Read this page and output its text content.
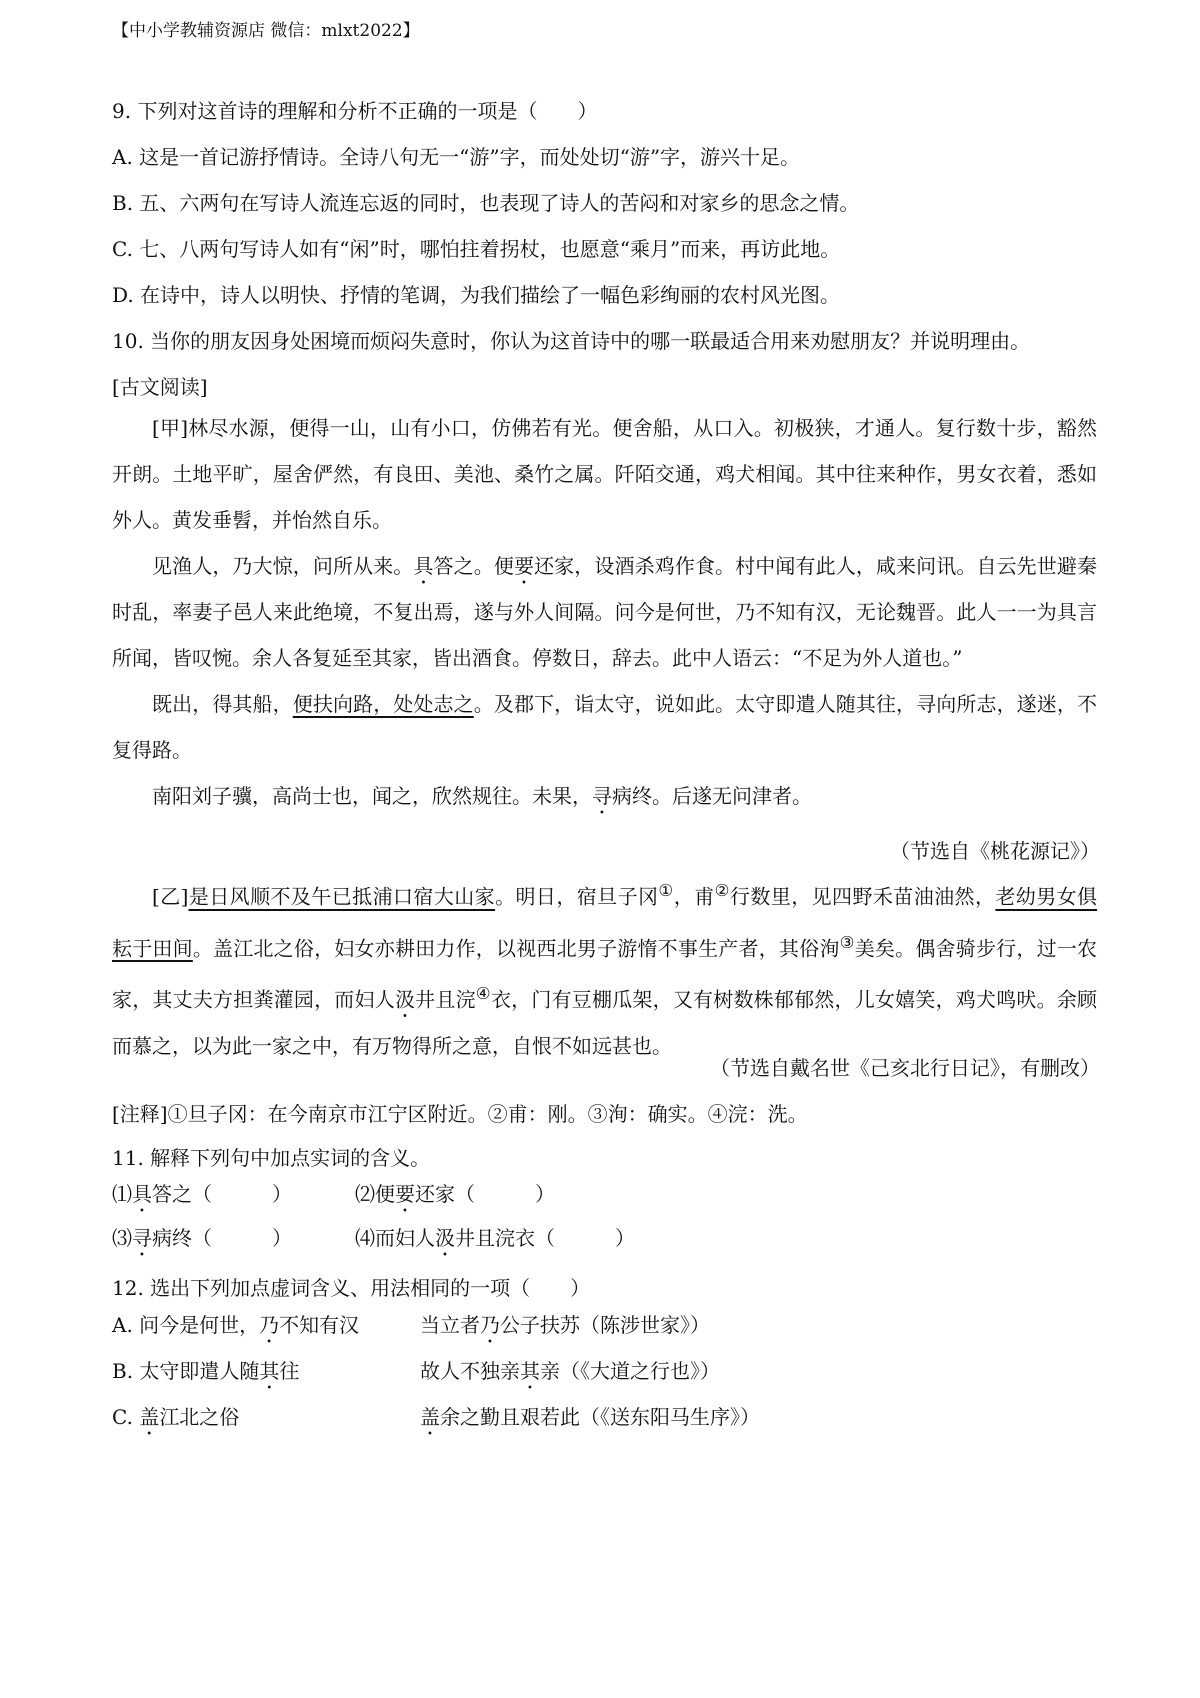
【中小学教辅资源店 微信：mlxt2022】
9. 下列对这首诗的理解和分析不正确的一项是（　　）
A. 这是一首记游抒情诗。全诗八句无一“游”字，而处处切“游”字，游兴十足。
B. 五、六两句在写诗人流连忘返的同时，也表现了诗人的苦闷和对家乡的思念之情。
C. 七、八两句写诗人如有“闲”时，哪怕拄着拐杖，也愿意“乘月”而来，再访此地。
D. 在诗中，诗人以明快、抒情的笔调，为我们描绘了一幅色彩绚丽的农村风光图。
10. 当你的朋友因身处困境而烦闷失意时，你认为这首诗中的哪一联最适合用来劝慰朋友？并说明理由。
[古文阅读]

[甲]林尽水源，便得一山，山有小口，仿佛若有光。便舍船，从口入。初极狭，才通人。复行数十步，豁然开朗。土地平旷，屋舍俨然，有良田、美池、桑竹之属。阡陌交通，鸡犬相闻。其中往来种作，男女衣着，悉如外人。黄发垂髫，并怡然自乐。

见渔人，乃大惊，问所从来。具答之。便要还家，设酒杀鸡作食。村中闻有此人，咸来问讯。自云先世避秦时乱，率妻子邑人来此绝境，不复出焉，遂与外人间隔。问今是何世，乃不知有汉，无论魏晋。此人一一为具言所闻，皆叹惋。余人各复延至其家，皆出酒食。停数日，辞去。此中人语云：“不足为外人道也。”

既出，得其船，便扶向路，处处志之。及郡下，诣太守，说如此。太守即遣人随其往，寻向所志，遂迷，不复得路。

南阳刘子骥，高尚士也，闻之，欣然规往。未果，寻病终。后遂无问津者。

（节选自《桃花源记》）

[乙]是日风顺不及午已抵浦口宿大山家。明日，宿旦子冈①，甫②行数里，见四野禾苗油油然，老幼男女俱耘于田间。盖江北之俗，妇女亦耕田力作，以视西北男子游惰不事生产者，其俗洵③美矣。偶舍骑步行，过一农家，其丈夫方担粪灌园，而妇人汲井且浣④衣，门有豆棚瓜架，又有树数株郁郁然，儿女嬉笑，鸡犬鸣吠。余顾而慕之，以为此一家之中，有万物得所之意，自恨不如远甚也。

（节选自戴名世《己亥北行日记》，有删改）
[注释]①旦子冈：在今南京市江宁区附近。②甫：刚。③洵：确实。④浣：洗。
11. 解释下列句中加点实词的含义。
⑴具答之（　　　）	⑵便要还家（　　　）
⑶寻病终（　　　）	⑷而妇人汲井且浣衣（　　　）
12. 选出下列加点虚词含义、用法相同的一项（　　）
A. 问今是何世，乃不知有汉	当立者乃公子扶苏（陈涉世家》）
B. 太守即遣人随其往	故人不独亲其亲（《大道之行也》）
C. 盖江北之俗	盖余之勤且艰若此（《送东阳马生序》）
